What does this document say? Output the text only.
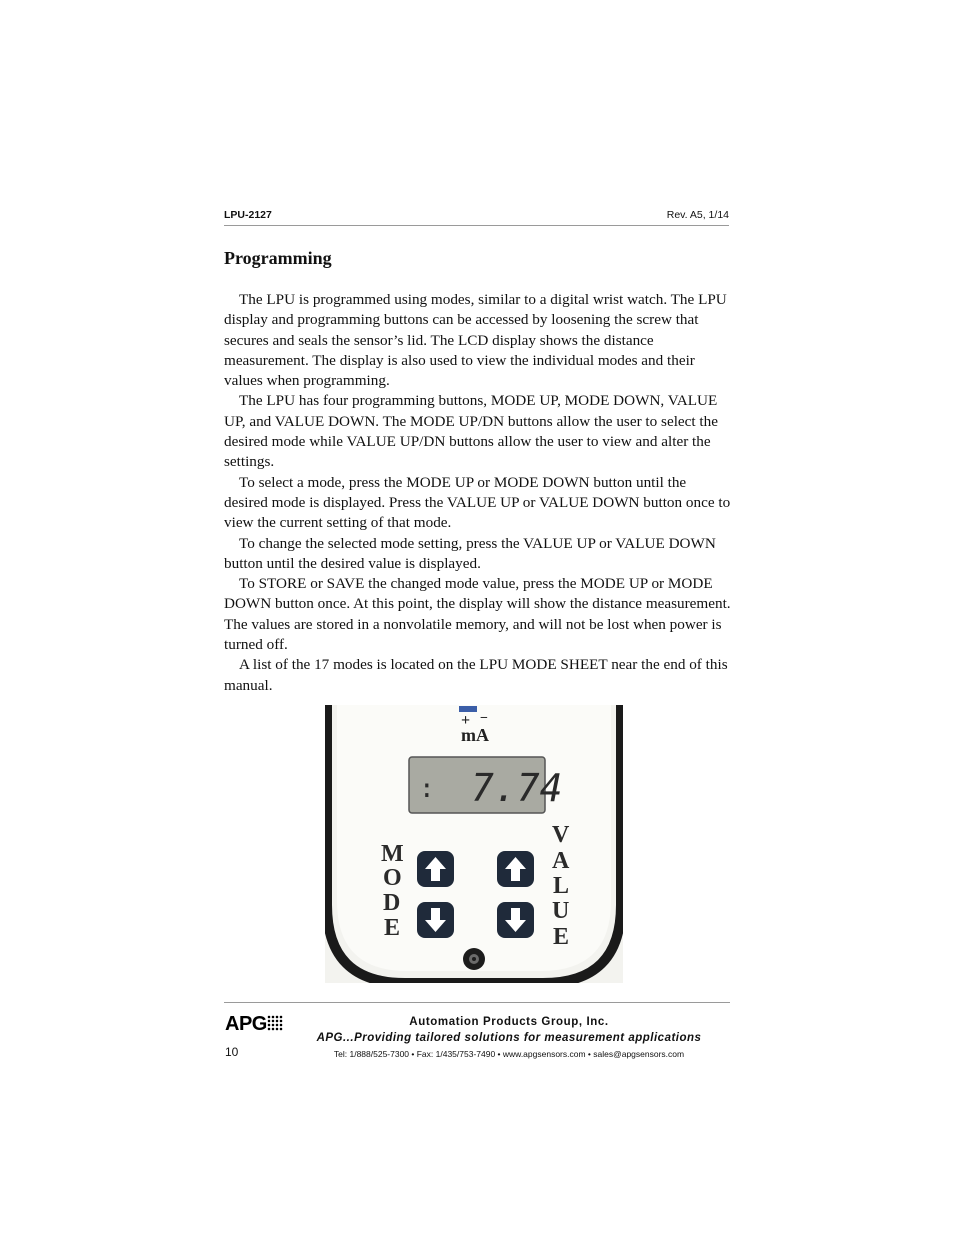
LPU-2127	Rev. A5, 1/14
Programming

The LPU is programmed using modes, similar to a digital wrist watch. The LPU display and programming buttons can be accessed by loosening the screw that secures and seals the sensor’s lid. The LCD display shows the distance measurement. The display is also used to view the individual modes and their values when programming.

The LPU has four programming buttons, MODE UP, MODE DOWN, VALUE UP, and VALUE DOWN. The MODE UP/DN buttons allow the user to select the desired mode while VALUE UP/DN buttons allow the user to view and alter the settings.

To select a mode, press the MODE UP or MODE DOWN button until the desired mode is displayed. Press the VALUE UP or VALUE DOWN button once to view the current setting of that mode.

To change the selected mode setting, press the VALUE UP or VALUE DOWN button until the desired value is displayed.

To STORE or SAVE the changed mode value, press the MODE UP or MODE DOWN button once. At this point, the display will show the distance measurement. The values are stored in a nonvolatile memory, and will not be lost when power is turned off.

A list of the 17 modes is located on the LPU MODE SHEET near the end of this manual.

+ −
mA
: 7.74
M
O
D
E
V
A
L
U
E
APG
10
Automation Products Group, Inc.
APG...Providing tailored solutions for measurement applications
Tel: 1/888/525-7300 • Fax: 1/435/753-7490 • www.apgsensors.com • sales@apgsensors.com
